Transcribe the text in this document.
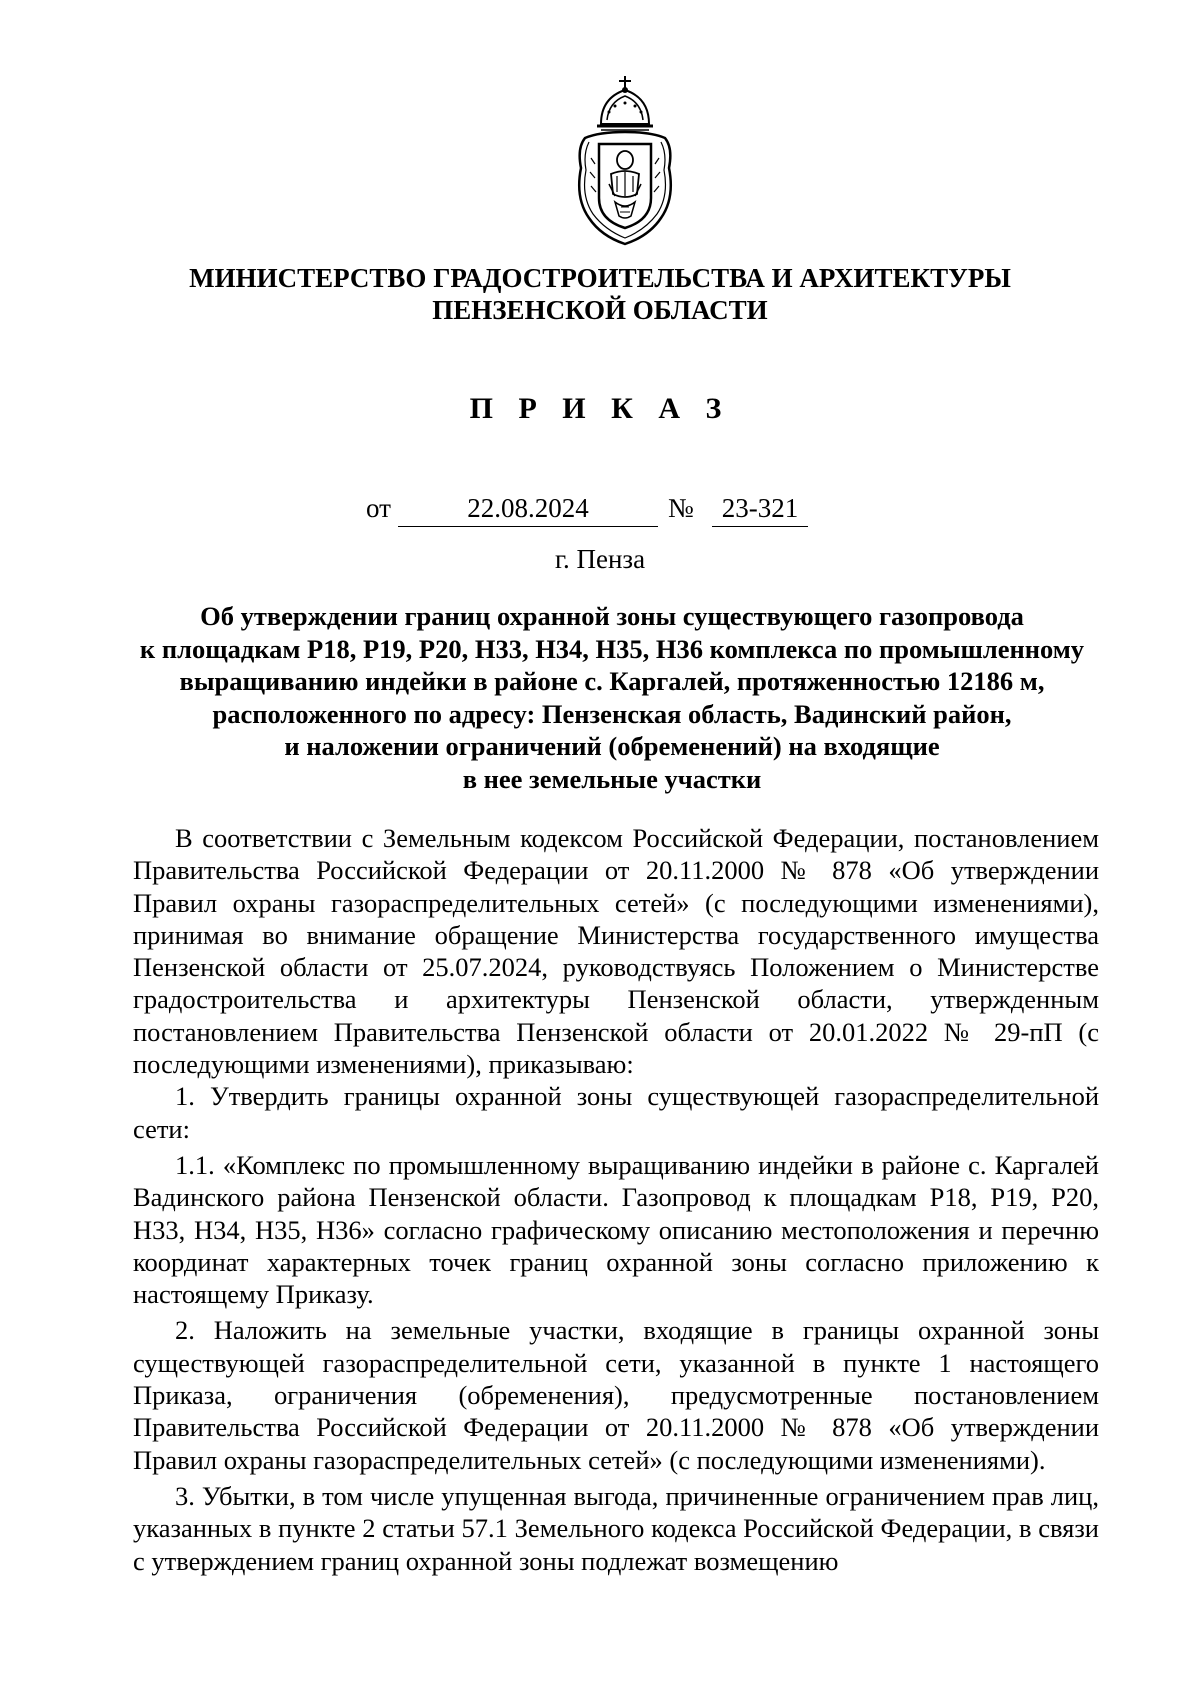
МИНИСТЕРСТВО ГРАДОСТРОИТЕЛЬСТВА И АРХИТЕКТУРЫ
ПЕНЗЕНСКОЙ ОБЛАСТИ
П Р И К А З
от	22.08.2024	№	23-321
г. Пенза
Об утверждении границ охранной зоны существующего газопровода
к площадкам Р18, Р19, Р20, Н33, Н34, Н35, Н36 комплекса по промышленному
выращиванию индейки в районе с. Каргалей, протяженностью 12186 м,
расположенного по адресу: Пензенская область, Вадинский район,
и наложении ограничений (обременений) на входящие
в нее земельные участки

В соответствии с Земельным кодексом Российской Федерации, постановлением Правительства Российской Федерации от 20.11.2000 № 878 «Об утверждении Правил охраны газораспределительных сетей» (с последующими изменениями), принимая во внимание обращение Министерства государственного имущества Пензенской области от 25.07.2024, руководствуясь Положением о Министерстве градостроительства и архитектуры Пензенской области, утвержденным постановлением Правительства Пензенской области от 20.01.2022 № 29-пП (с последующими изменениями), приказываю:

1. Утвердить границы охранной зоны существующей газораспределительной сети:

1.1. «Комплекс по промышленному выращиванию индейки в районе с. Каргалей Вадинского района Пензенской области. Газопровод к площадкам Р18, Р19, Р20, Н33, Н34, Н35, Н36» согласно графическому описанию местоположения и перечню координат характерных точек границ охранной зоны согласно приложению к настоящему Приказу.

2. Наложить на земельные участки, входящие в границы охранной зоны существующей газораспределительной сети, указанной в пункте 1 настоящего Приказа, ограничения (обременения), предусмотренные постановлением Правительства Российской Федерации от 20.11.2000 № 878 «Об утверждении Правил охраны газораспределительных сетей» (с последующими изменениями).

3. Убытки, в том числе упущенная выгода, причиненные ограничением прав лиц, указанных в пункте 2 статьи 57.1 Земельного кодекса Российской Федерации, в связи с утверждением границ охранной зоны подлежат возмещению
